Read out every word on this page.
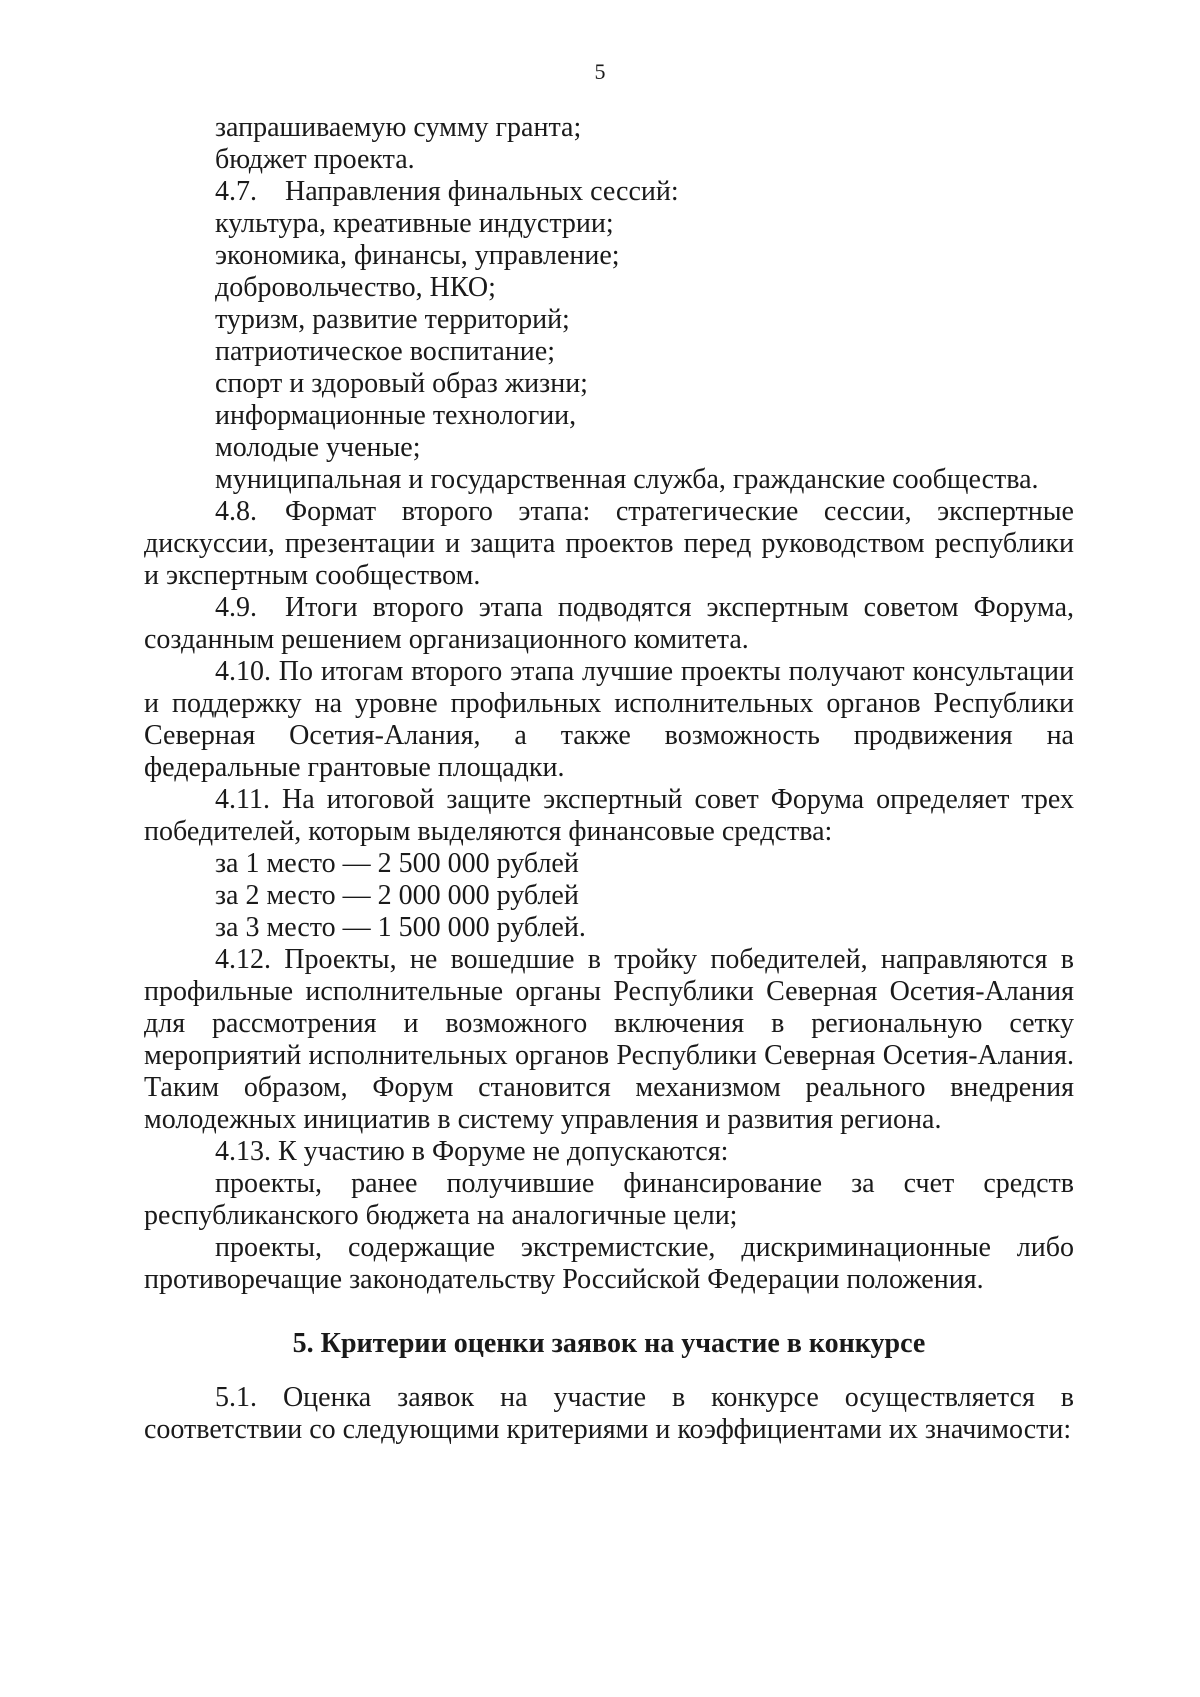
5

запрашиваемую сумму гранта;

бюджет проекта.

4.7. Направления финальных сессий:

культура, креативные индустрии;

экономика, финансы, управление;

добровольчество, НКО;

туризм, развитие территорий;

патриотическое воспитание;

спорт и здоровый образ жизни;

информационные технологии,

молодые ученые;

муниципальная и государственная служба, гражданские сообщества.

4.8. Формат второго этапа: стратегические сессии, экспертные дискуссии, презентации и защита проектов перед руководством республики и экспертным сообществом.

4.9. Итоги второго этапа подводятся экспертным советом Форума, созданным решением организационного комитета.

4.10. По итогам второго этапа лучшие проекты получают консультации и поддержку на уровне профильных исполнительных органов Республики Северная Осетия-Алания, а также возможность продвижения на федеральные грантовые площадки.

4.11. На итоговой защите экспертный совет Форума определяет трех победителей, которым выделяются финансовые средства:

за 1 место — 2 500 000 рублей

за 2 место — 2 000 000 рублей

за 3 место — 1 500 000 рублей.

4.12. Проекты, не вошедшие в тройку победителей, направляются в профильные исполнительные органы Республики Северная Осетия-Алания для рассмотрения и возможного включения в региональную сетку мероприятий исполнительных органов Республики Северная Осетия-Алания. Таким образом, Форум становится механизмом реального внедрения молодежных инициатив в систему управления и развития региона.

4.13. К участию в Форуме не допускаются:

проекты, ранее получившие финансирование за счет средств республиканского бюджета на аналогичные цели;

проекты, содержащие экстремистские, дискриминационные либо противоречащие законодательству Российской Федерации положения.

5. Критерии оценки заявок на участие в конкурсе

5.1. Оценка заявок на участие в конкурсе осуществляется в соответствии со следующими критериями и коэффициентами их значимости:
